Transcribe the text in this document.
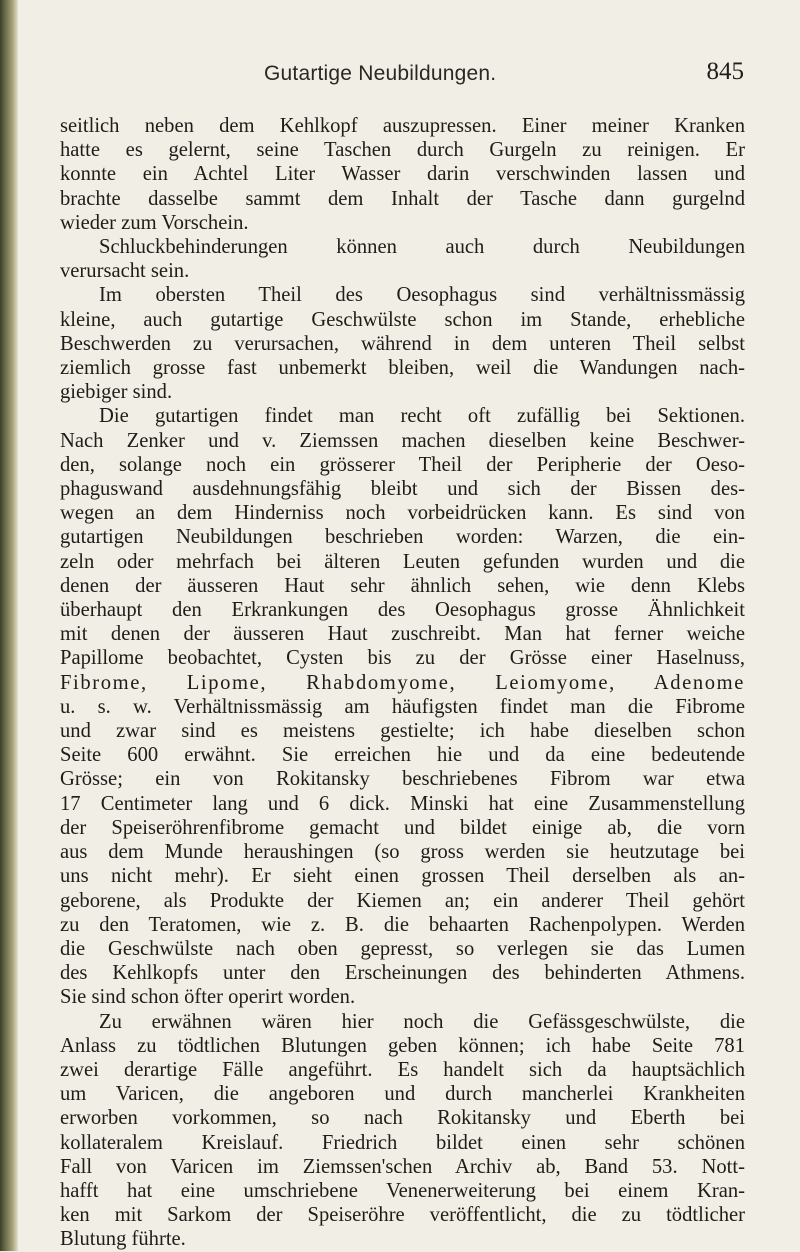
Gutartige Neubildungen.	845
seitlich neben dem Kehlkopf auszupressen. Einer meiner Kranken
hatte es gelernt, seine Taschen durch Gurgeln zu reinigen. Er
konnte ein Achtel Liter Wasser darin verschwinden lassen und
brachte dasselbe sammt dem Inhalt der Tasche dann gurgelnd
wieder zum Vorschein.
Schluckbehinderungen können auch durch Neubildungen
verursacht sein.
Im obersten Theil des Oesophagus sind verhältnissmässig
kleine, auch gutartige Geschwülste schon im Stande, erhebliche
Beschwerden zu verursachen, während in dem unteren Theil selbst
ziemlich grosse fast unbemerkt bleiben, weil die Wandungen nach-
giebiger sind.
Die gutartigen findet man recht oft zufällig bei Sektionen.
Nach Zenker und v. Ziemssen machen dieselben keine Beschwer-
den, solange noch ein grösserer Theil der Peripherie der Oeso-
phaguswand ausdehnungsfähig bleibt und sich der Bissen des-
wegen an dem Hinderniss noch vorbeidrücken kann. Es sind von
gutartigen Neubildungen beschrieben worden: Warzen, die ein-
zeln oder mehrfach bei älteren Leuten gefunden wurden und die
denen der äusseren Haut sehr ähnlich sehen, wie denn Klebs
überhaupt den Erkrankungen des Oesophagus grosse Ähnlichkeit
mit denen der äusseren Haut zuschreibt. Man hat ferner weiche
Papillome beobachtet, Cysten bis zu der Grösse einer Haselnuss,
Fibrome, Lipome, Rhabdomyome, Leiomyome, Adenome
u. s. w. Verhältnissmässig am häufigsten findet man die Fibrome
und zwar sind es meistens gestielte; ich habe dieselben schon
Seite 600 erwähnt. Sie erreichen hie und da eine bedeutende
Grösse; ein von Rokitansky beschriebenes Fibrom war etwa
17 Centimeter lang und 6 dick. Minski hat eine Zusammenstellung
der Speiseröhrenfibrome gemacht und bildet einige ab, die vorn
aus dem Munde heraushingen (so gross werden sie heutzutage bei
uns nicht mehr). Er sieht einen grossen Theil derselben als an-
geborene, als Produkte der Kiemen an; ein anderer Theil gehört
zu den Teratomen, wie z. B. die behaarten Rachenpolypen. Werden
die Geschwülste nach oben gepresst, so verlegen sie das Lumen
des Kehlkopfs unter den Erscheinungen des behinderten Athmens.
Sie sind schon öfter operirt worden.
Zu erwähnen wären hier noch die Gefässgeschwülste, die
Anlass zu tödtlichen Blutungen geben können; ich habe Seite 781
zwei derartige Fälle angeführt. Es handelt sich da hauptsächlich
um Varicen, die angeboren und durch mancherlei Krankheiten
erworben vorkommen, so nach Rokitansky und Eberth bei
kollateralem Kreislauf. Friedrich bildet einen sehr schönen
Fall von Varicen im Ziemssen'schen Archiv ab, Band 53. Nott-
hafft hat eine umschriebene Venenerweiterung bei einem Kran-
ken mit Sarkom der Speiseröhre veröffentlicht, die zu tödtlicher
Blutung führte.
